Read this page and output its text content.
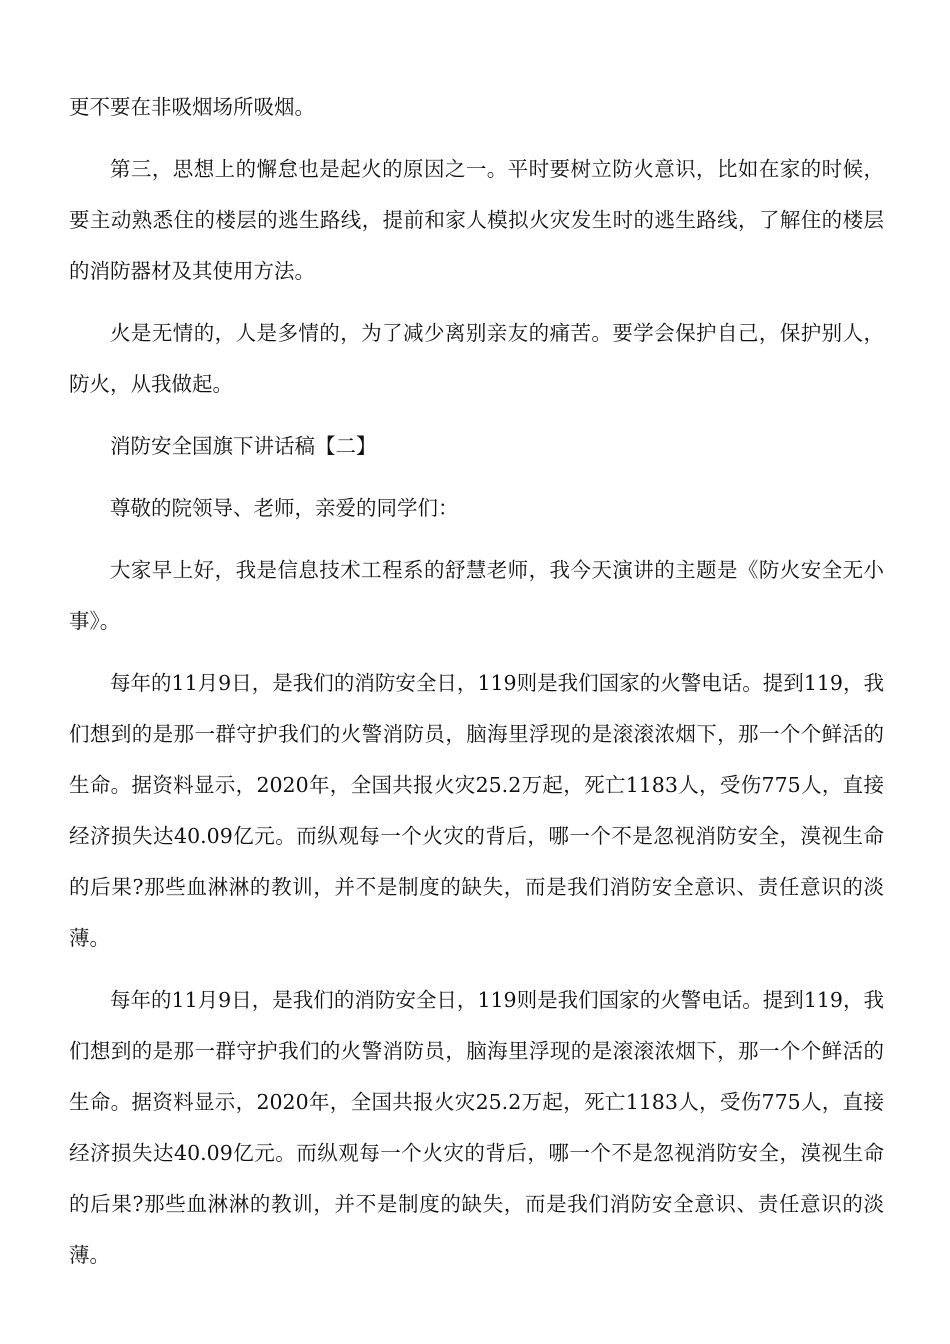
更不要在非吸烟场所吸烟。

第三，思想上的懈怠也是起火的原因之一。平时要树立防火意识，比如在家的时候，要主动熟悉住的楼层的逃生路线，提前和家人模拟火灾发生时的逃生路线，了解住的楼层的消防器材及其使用方法。

火是无情的，人是多情的，为了减少离别亲友的痛苦。要学会保护自己，保护别人，防火，从我做起。

消防安全国旗下讲话稿【二】

尊敬的院领导、老师，亲爱的同学们：

大家早上好，我是信息技术工程系的舒慧老师，我今天演讲的主题是《防火安全无小事》。

每年的11月9日，是我们的消防安全日，119则是我们国家的火警电话。提到119，我们想到的是那一群守护我们的火警消防员，脑海里浮现的是滚滚浓烟下，那一个个鲜活的生命。据资料显示，2020年，全国共报火灾25.2万起，死亡1183人，受伤775人，直接经济损失达40.09亿元。而纵观每一个火灾的背后，哪一个不是忽视消防安全，漠视生命的后果?那些血淋淋的教训，并不是制度的缺失，而是我们消防安全意识、责任意识的淡薄。

每年的11月9日，是我们的消防安全日，119则是我们国家的火警电话。提到119，我们想到的是那一群守护我们的火警消防员，脑海里浮现的是滚滚浓烟下，那一个个鲜活的生命。据资料显示，2020年，全国共报火灾25.2万起，死亡1183人，受伤775人，直接经济损失达40.09亿元。而纵观每一个火灾的背后，哪一个不是忽视消防安全，漠视生命的后果?那些血淋淋的教训，并不是制度的缺失，而是我们消防安全意识、责任意识的淡薄。
